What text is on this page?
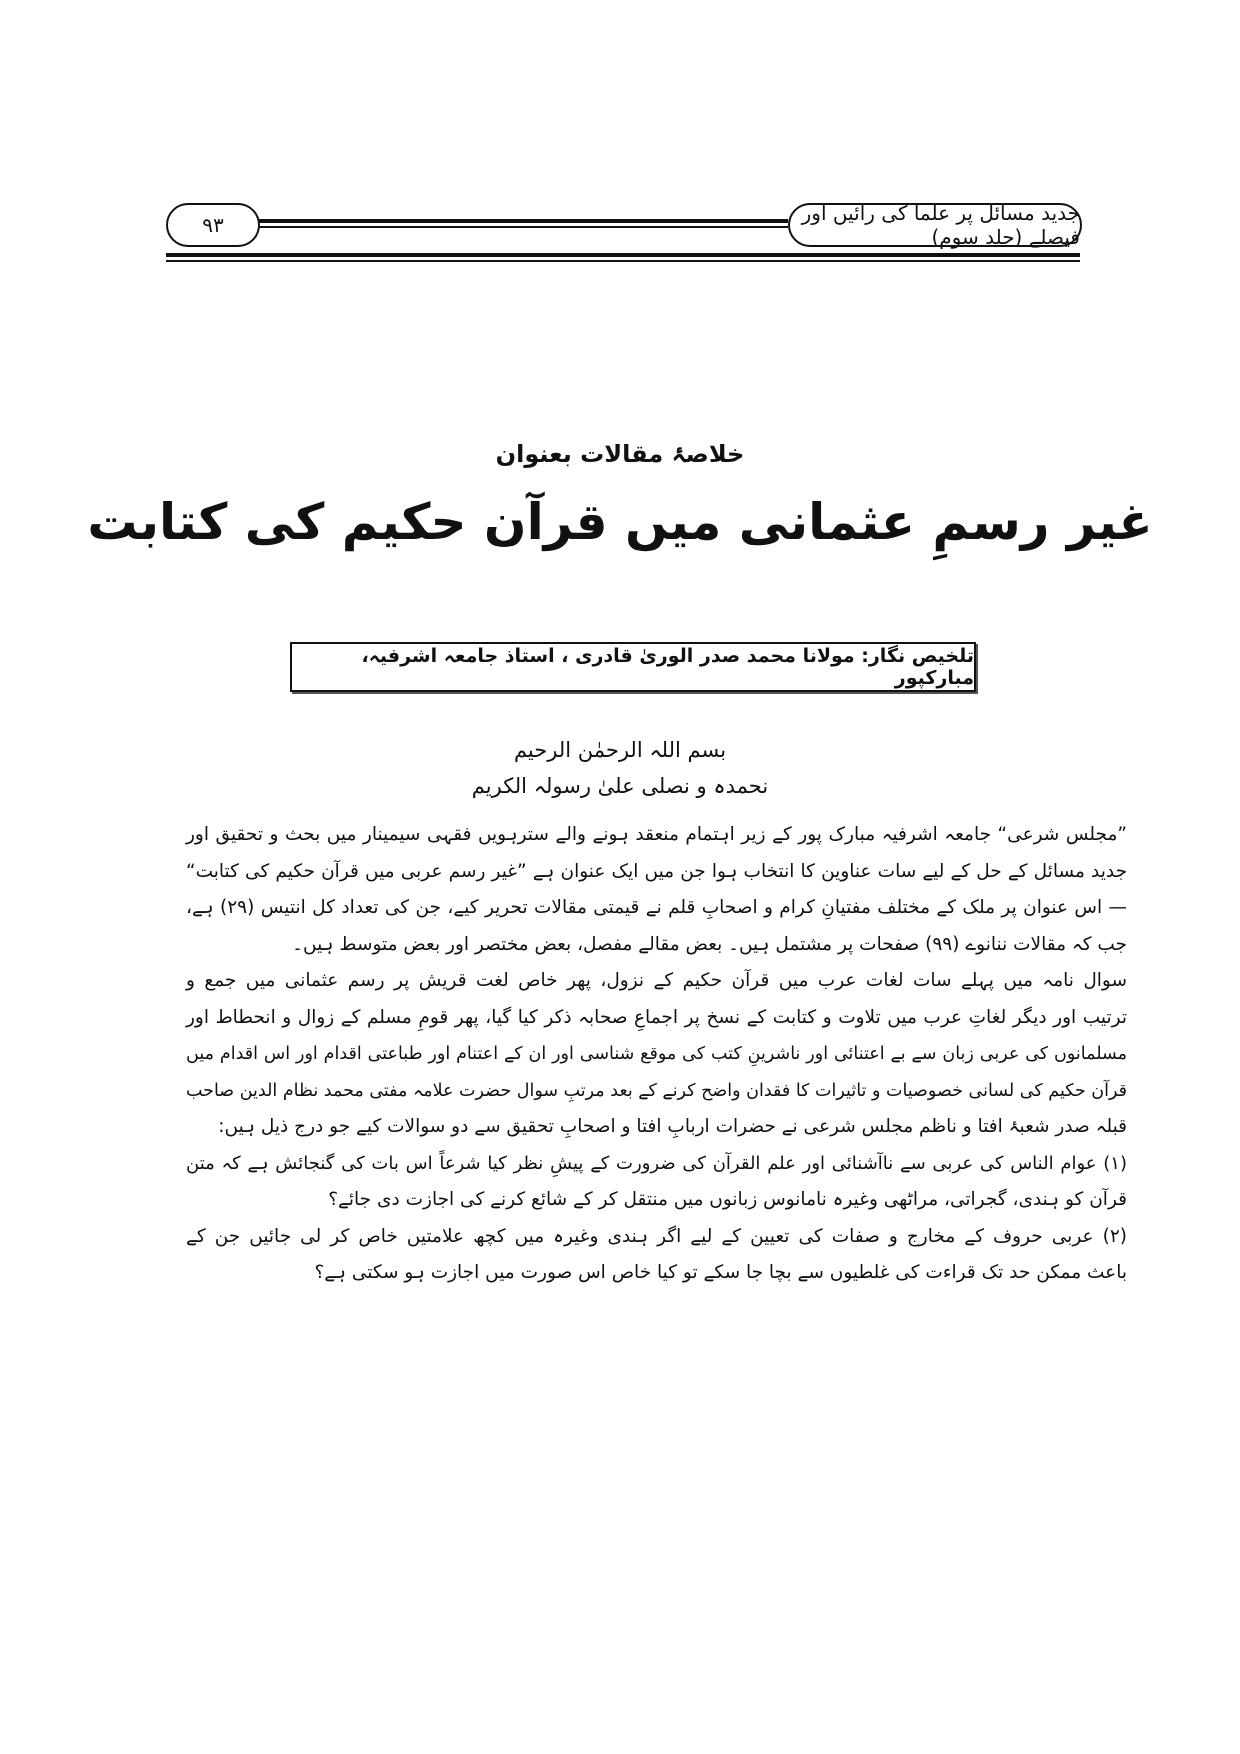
جدید مسائل پر علما کی رائیں اور فیصلے (جلد سوم)
۹۳
خلاصۂ مقالات بعنوان
غیر رسمِ عثمانی میں قرآن حکیم کی کتابت
تلخیص نگار: مولانا محمد صدر الوریٰ قادری ، استاذ جامعہ اشرفیہ، مبارکپور
بسم اللہ الرحمٰن الرحیم
نحمدہ و نصلی علیٰ رسولہ الکریم
”مجلس شرعی“ جامعہ اشرفیہ مبارک پور کے زیر اہتمام منعقد ہونے والے سترہویں فقہی سیمینار میں بحث و تحقیق اور
جدید مسائل کے حل کے لیے سات عناوین کا انتخاب ہوا جن میں ایک عنوان ہے ”غیر رسم عربی میں قرآن حکیم کی کتابت“
— اس عنوان پر ملک کے مختلف مفتیانِ کرام و اصحابِ قلم نے قیمتی مقالات تحریر کیے، جن کی تعداد کل انتیس (۲۹) ہے،
جب کہ مقالات ننانوے (۹۹) صفحات پر مشتمل ہیں۔ بعض مقالے مفصل، بعض مختصر اور بعض متوسط ہیں۔
سوال نامہ میں پہلے سات لغات عرب میں قرآن حکیم کے نزول، پھر خاص لغت قریش پر رسم عثمانی میں جمع و
ترتیب اور دیگر لغاتِ عرب میں تلاوت و کتابت کے نسخ پر اجماعِ صحابہ ذکر کیا گیا، پھر قومِ مسلم کے زوال و انحطاط اور
مسلمانوں کی عربی زبان سے بے اعتنائی اور ناشرینِ کتب کی موقع شناسی اور ان کے اعتنام اور طباعتی اقدام اور اس اقدام میں
قرآن حکیم کی لسانی خصوصیات و تاثیرات کا فقدان واضح کرنے کے بعد مرتبِ سوال حضرت علامہ مفتی محمد نظام الدین صاحب
قبلہ صدر شعبۂ افتا و ناظم مجلس شرعی نے حضرات اربابِ افتا و اصحابِ تحقیق سے دو سوالات کیے جو درج ذیل ہیں:
(۱) عوام الناس کی عربی سے ناآشنائی اور علم القرآن کی ضرورت کے پیشِ نظر کیا شرعاً اس بات کی گنجائش ہے کہ متن
قرآن کو ہندی، گجراتی، مراٹھی وغیرہ نامانوس زبانوں میں منتقل کر کے شائع کرنے کی اجازت دی جائے؟
(۲) عربی حروف کے مخارج و صفات کی تعیین کے لیے اگر ہندی وغیرہ میں کچھ علامتیں خاص کر لی جائیں جن کے
باعث ممکن حد تک قراءت کی غلطیوں سے بچا جا سکے تو کیا خاص اس صورت میں اجازت ہو سکتی ہے؟
